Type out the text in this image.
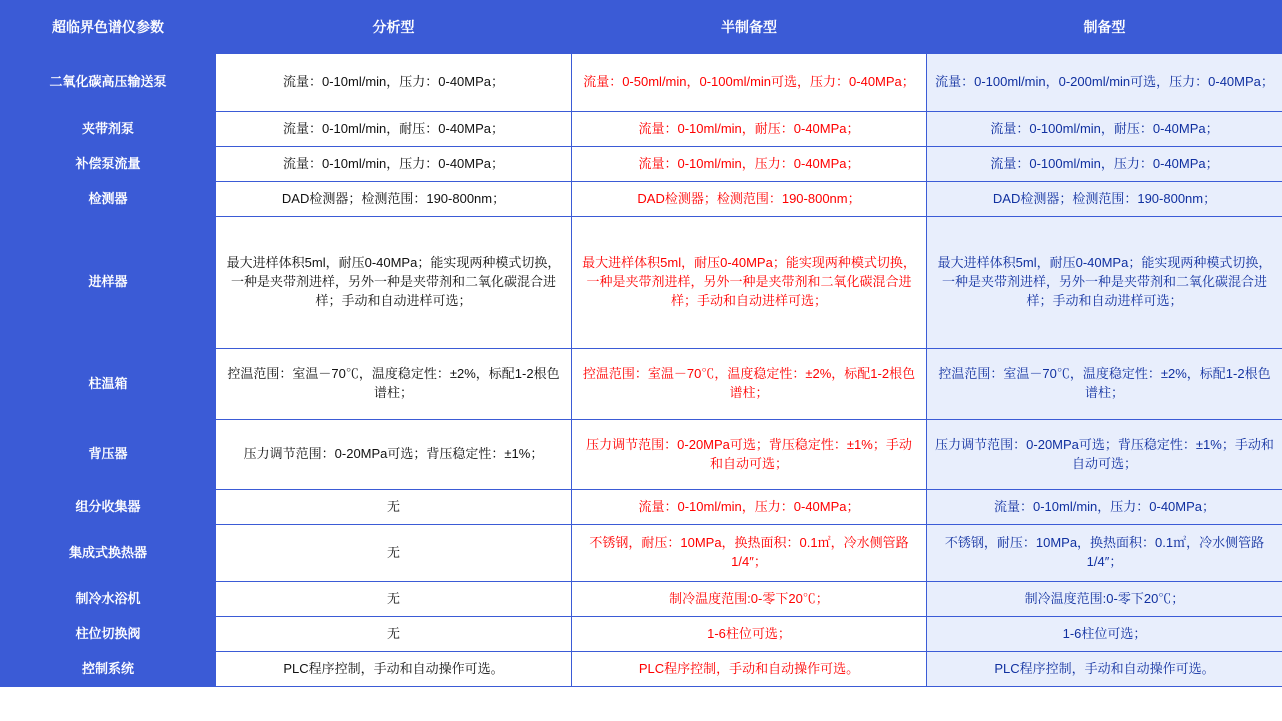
超临界色谱仪参数	分析型	半制备型	制备型
二氧化碳高压输送泵	流量：0-10ml/min，压力：0-40MPa；	流量：0-50ml/min，0-100ml/min可选，压力：0-40MPa；	流量：0-100ml/min，0-200ml/min可选，压力：0-40MPa；
夹带剂泵	流量：0-10ml/min，耐压：0-40MPa；	流量：0-10ml/min，耐压：0-40MPa；	流量：0-100ml/min，耐压：0-40MPa；
补偿泵流量	流量：0-10ml/min，压力：0-40MPa；	流量：0-10ml/min，压力：0-40MPa；	流量：0-100ml/min，压力：0-40MPa；
检测器	DAD检测器；检测范围：190-800nm；	DAD检测器；检测范围：190-800nm；	DAD检测器；检测范围：190-800nm；
进样器	最大进样体积5ml，耐压0-40MPa；能实现两种模式切换，一种是夹带剂进样，另外一种是夹带剂和二氧化碳混合进样；手动和自动进样可选；	最大进样体积5ml，耐压0-40MPa；能实现两种模式切换，一种是夹带剂进样，另外一种是夹带剂和二氧化碳混合进样；手动和自动进样可选；	最大进样体积5ml，耐压0-40MPa；能实现两种模式切换，一种是夹带剂进样，另外一种是夹带剂和二氧化碳混合进样；手动和自动进样可选；
柱温箱	控温范围：室温－70℃，温度稳定性：±2%，标配1-2根色谱柱；	控温范围：室温－70℃，温度稳定性：±2%，标配1-2根色谱柱；	控温范围：室温－70℃，温度稳定性：±2%，标配1-2根色谱柱；
背压器	压力调节范围：0-20MPa可选；背压稳定性：±1%；	压力调节范围：0-20MPa可选；背压稳定性：±1%；手动和自动可选；	压力调节范围：0-20MPa可选；背压稳定性：±1%；手动和自动可选；
组分收集器	无	流量：0-10ml/min，压力：0-40MPa；	流量：0-10ml/min，压力：0-40MPa；
集成式换热器	无	不锈钢，耐压：10MPa，换热面积：0.1㎡，冷水侧管路1/4″；	不锈钢，耐压：10MPa，换热面积：0.1㎡，冷水侧管路1/4″；
制冷水浴机	无	制冷温度范围:0-零下20℃；	制冷温度范围:0-零下20℃；
柱位切换阀	无	1-6柱位可选；	1-6柱位可选；
控制系统	PLC程序控制，手动和自动操作可选。	PLC程序控制，手动和自动操作可选。	PLC程序控制，手动和自动操作可选。
